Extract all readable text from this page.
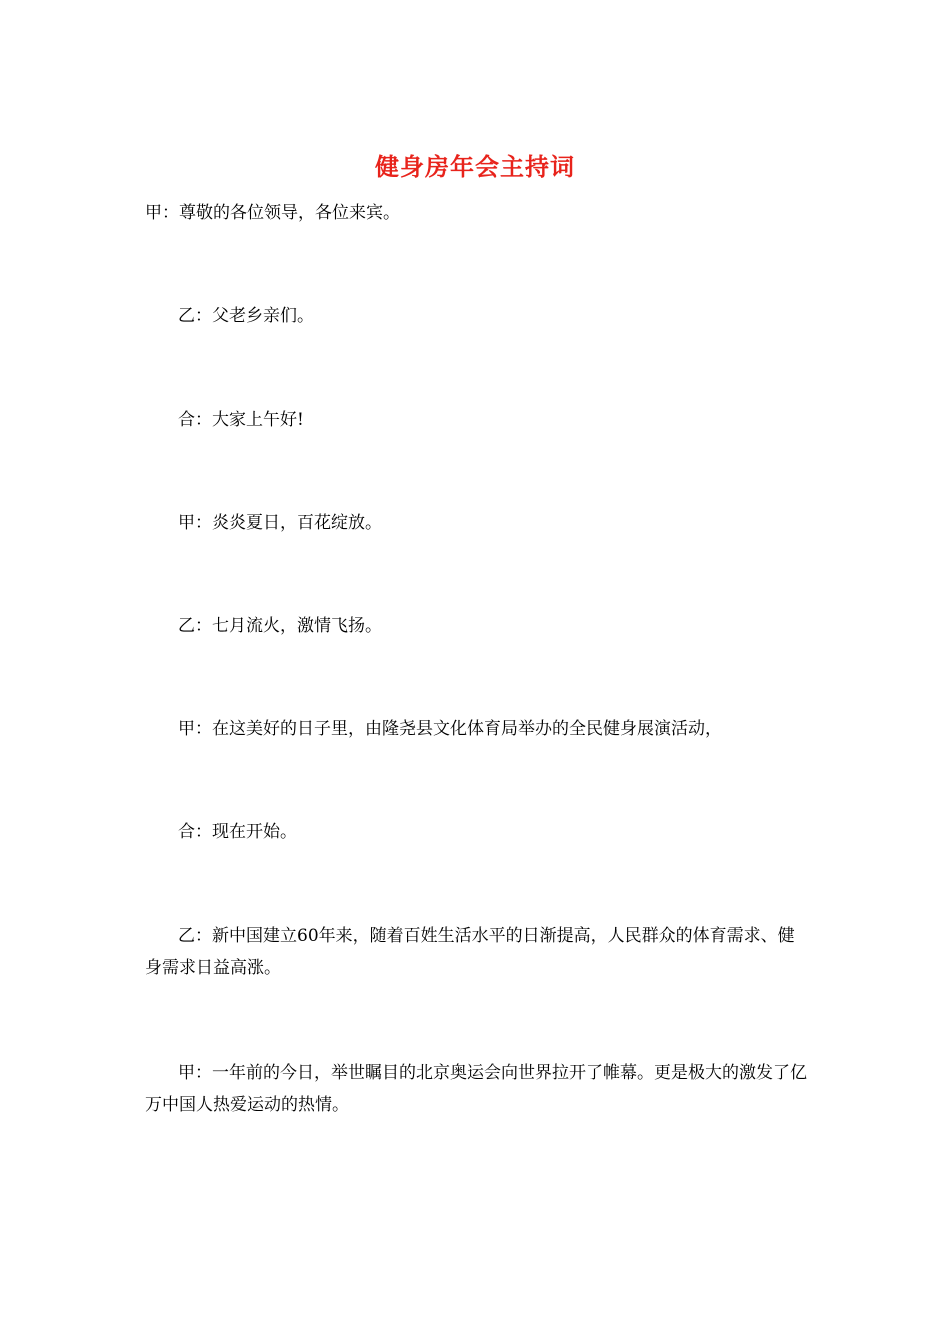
健身房年会主持词

甲：尊敬的各位领导，各位来宾。

乙：父老乡亲们。

合：大家上午好!

甲：炎炎夏日，百花绽放。

乙：七月流火，激情飞扬。

甲：在这美好的日子里，由隆尧县文化体育局举办的全民健身展演活动，

合：现在开始。

乙：新中国建立60年来，随着百姓生活水平的日渐提高，人民群众的体育需求、健身需求日益高涨。

甲：一年前的今日，举世瞩目的北京奥运会向世界拉开了帷幕。更是极大的激发了亿万中国人热爱运动的热情。
